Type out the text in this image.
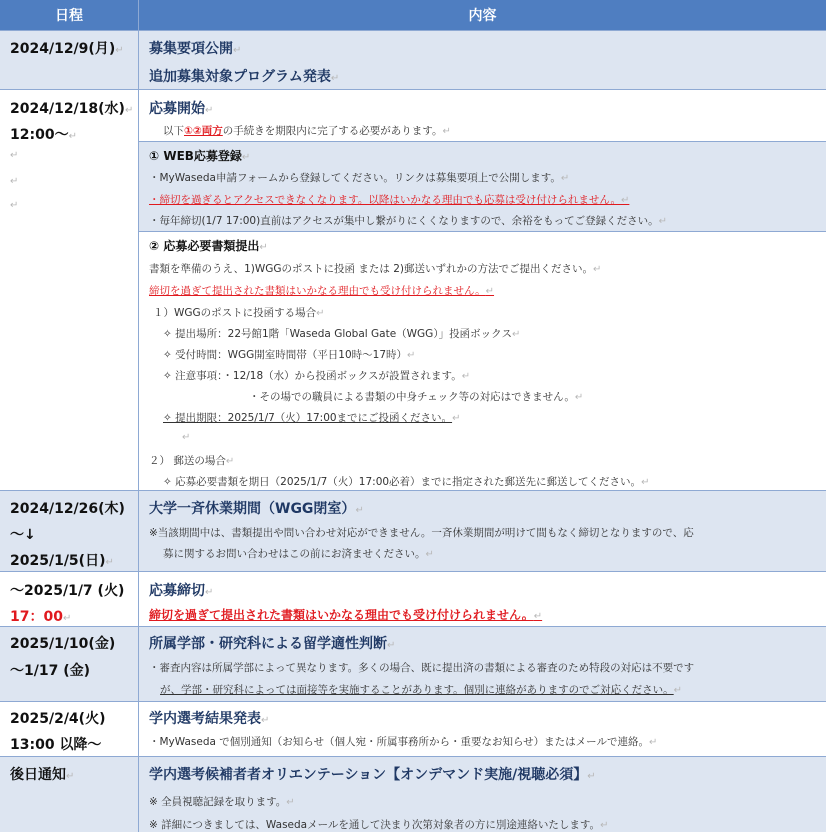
日程	内容
2024/12/9(月)↵ 募集要項公開↵
追加募集対象プログラム発表↵
2024/12/18(水)↵
12:00～↵
↵
↵
↵
応募開始↵
以下①②両方の手続きを期限内に完了する必要があります。↵
① WEB応募登録↵
・MyWaseda申請フォームから登録してください。リンクは募集要項上で公開します。↵
・締切を過ぎるとアクセスできなくなります。以降はいかなる理由でも応募は受け付けられません。↵
・毎年締切(1/7 17:00)直前はアクセスが集中し繋がりにくくなりますので、余裕をもってご登録ください。↵
② 応募必要書類提出↵
書類を準備のうえ、1)WGGのポストに投函 または 2)郵送いずれかの方法でご提出ください。↵
締切を過ぎて提出された書類はいかなる理由でも受け付けられません。↵
１）WGGのポストに投函する場合↵
✧ 提出場所：22号館1階「Waseda Global Gate（WGG）」投函ボックス↵
✧ 受付時間：WGG開室時間帯（平日10時～17時）↵
✧ 注意事項：・12/18（水）から投函ボックスが設置されます。↵
・その場での職員による書類の中身チェック等の対応はできません。↵
✧ 提出期限：2025/1/7（火）17:00までにご投函ください。↵
↵
２） 郵送の場合↵
✧ 応募必要書類を期日（2025/1/7（火）17:00必着）までに指定された郵送先に郵送してください。↵
2024/12/26(木)
～↓
2025/1/5(日)↵
大学一斉休業期間（WGG閉室）↵
※当該期間中は、書類提出や問い合わせ対応ができません。一斉休業期間が明けて間もなく締切となりますので、応
募に関するお問い合わせはこの前にお済ませください。↵
～2025/1/7 (火)
17：00↵
応募締切↵
締切を過ぎて提出された書類はいかなる理由でも受け付けられません。↵
2025/1/10(金)
～1/17 (金)
所属学部・研究科による留学適性判断↵
・審査内容は所属学部によって異なります。多くの場合、既に提出済の書類による審査のため特段の対応は不要です
が、学部・研究科によっては面接等を実施することがあります。個別に連絡がありますのでご対応ください。↵
2025/2/4(火)
13:00 以降～
学内選考結果発表↵
・MyWaseda で個別通知（お知らせ（個人宛・所属事務所から・重要なお知らせ）またはメールで連絡。↵
後日通知↵	学内選考候補者者オリエンテーション【オンデマンド実施/視聴必須】↵
※ 全員視聴記録を取ります。↵
※ 詳細につきましては、Wasedaメールを通して決まり次第対象者の方に別途連絡いたします。↵
